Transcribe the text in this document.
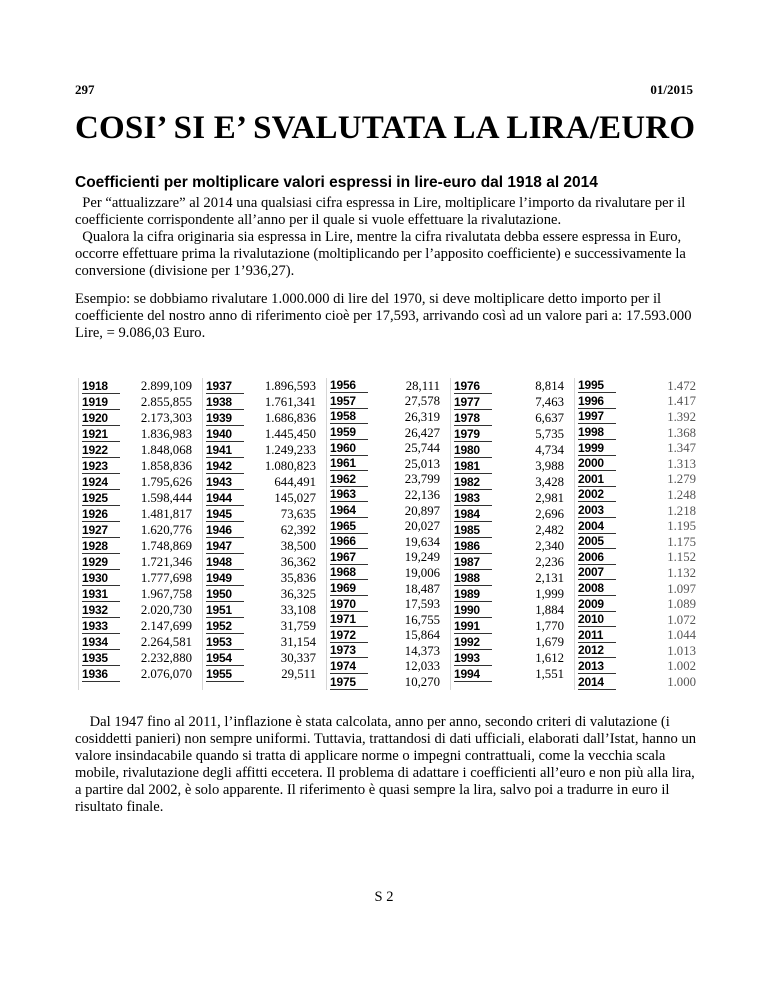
297	01/2015
COSI’ SI E’ SVALUTATA LA LIRA/EURO
Coefficienti per moltiplicare valori espressi in lire-euro dal 1918 al 2014

Per “attualizzare” al 2014 una qualsiasi cifra espressa in Lire, moltiplicare l’importo da rivalutare per il coefficiente corrispondente all’anno per il quale si vuole effettuare la rivalutazione.
Qualora la cifra originaria sia espressa in Lire, mentre la cifra rivalutata debba essere espressa in Euro, occorre effettuare prima la rivalutazione (moltiplicando per l’apposito coefficiente) e successivamente la conversione (divisione per 1’936,27).

Esempio: se dobbiamo rivalutare 1.000.000 di lire del 1970, si deve moltiplicare detto importo per il coefficiente del nostro anno di riferimento cioè per 17,593, arrivando così ad un valore pari a: 17.593.000 Lire, = 9.086,03 Euro.

1918	2.899,109
1919	2.855,855
1920	2.173,303
1921	1.836,983
1922	1.848,068
1923	1.858,836
1924	1.795,626
1925	1.598,444
1926	1.481,817
1927	1.620,776
1928	1.748,869
1929	1.721,346
1930	1.777,698
1931	1.967,758
1932	2.020,730
1933	2.147,699
1934	2.264,581
1935	2.232,880
1936	2.076,070
1937	1.896,593
1938	1.761,341
1939	1.686,836
1940	1.445,450
1941	1.249,233
1942	1.080,823
1943	644,491
1944	145,027
1945	73,635
1946	62,392
1947	38,500
1948	36,362
1949	35,836
1950	36,325
1951	33,108
1952	31,759
1953	31,154
1954	30,337
1955	29,511
1956	28,111
1957	27,578
1958	26,319
1959	26,427
1960	25,744
1961	25,013
1962	23,799
1963	22,136
1964	20,897
1965	20,027
1966	19,634
1967	19,249
1968	19,006
1969	18,487
1970	17,593
1971	16,755
1972	15,864
1973	14,373
1974	12,033
1975	10,270
1976	8,814
1977	7,463
1978	6,637
1979	5,735
1980	4,734
1981	3,988
1982	3,428
1983	2,981
1984	2,696
1985	2,482
1986	2,340
1987	2,236
1988	2,131
1989	1,999
1990	1,884
1991	1,770
1992	1,679
1993	1,612
1994	1,551
1995	1.472
1996	1.417
1997	1.392
1998	1.368
1999	1.347
2000	1.313
2001	1.279
2002	1.248
2003	1.218
2004	1.195
2005	1.175
2006	1.152
2007	1.132
2008	1.097
2009	1.089
2010	1.072
2011	1.044
2012	1.013
2013	1.002
2014	1.000

Dal 1947 fino al 2011, l’inflazione è stata calcolata, anno per anno, secondo criteri di valutazione (i cosiddetti panieri) non sempre uniformi. Tuttavia, trattandosi di dati ufficiali, elaborati dall’Istat, hanno un valore insindacabile quando si tratta di applicare norme o impegni contrattuali, come la vecchia scala mobile, rivalutazione degli affitti eccetera. Il problema di adattare i coefficienti all’euro e non più alla lira, a partire dal 2002, è solo apparente. Il riferimento è quasi sempre la lira, salvo poi a tradurre in euro il risultato finale.

S 2
